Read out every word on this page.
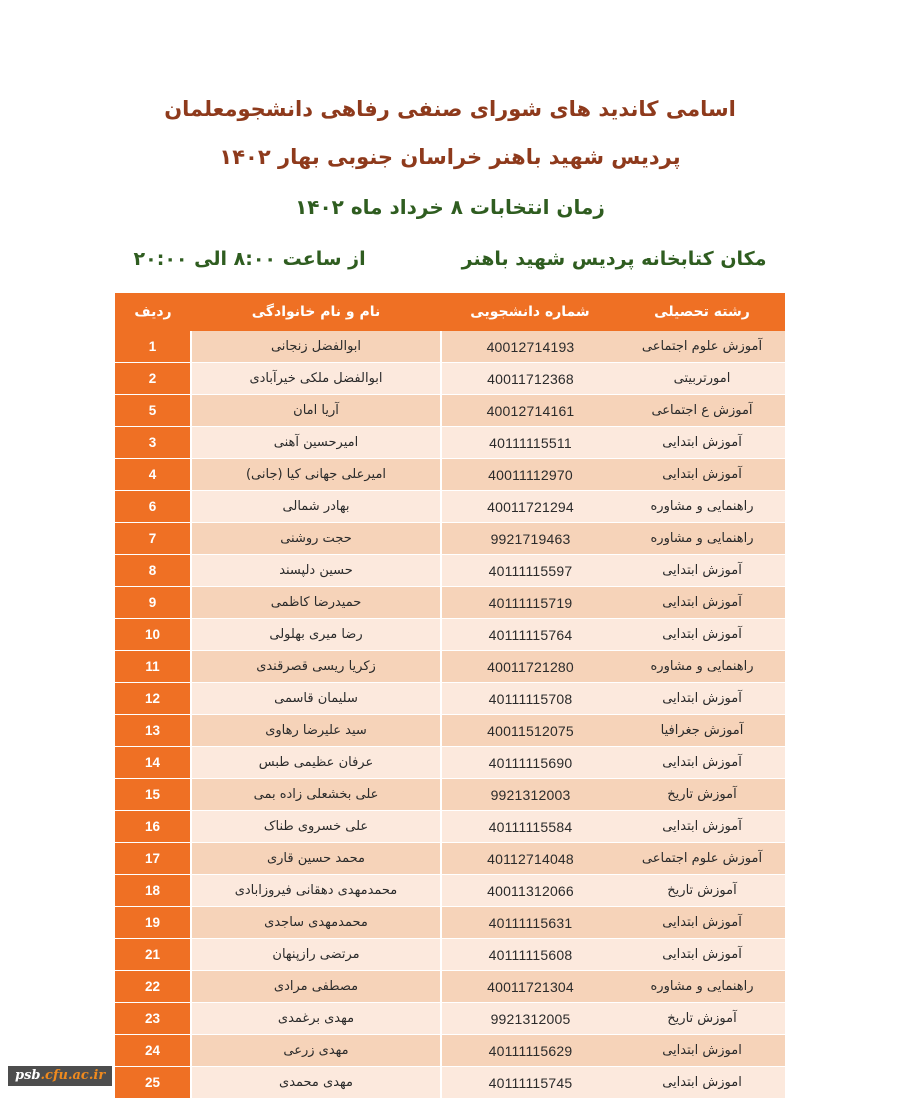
اسامی کاندید های شورای صنفی رفاهی دانشجومعلمان
پردیس شهید باهنر خراسان جنوبی بهار ۱۴۰۲
زمان انتخابات ۸ خرداد ماه ۱۴۰۲
مکان کتابخانه پردیس شهید باهنر
از ساعت ۸:۰۰ الی ۲۰:۰۰
رشته تحصیلی	شماره دانشجویی	نام و نام خانوادگی	ردیف
آموزش علوم اجتماعی	40012714193	ابوالفضل زنجانی	1
امورتربیتی	40011712368	ابوالفضل ملکی خیرآبادی	2
آموزش ع اجتماعی	40012714161	آریا امان	5
آموزش ابتدایی	40111115511	امیرحسین آهنی	3
آموزش ابتدایی	40011112970	امیرعلی جهانی کیا (جانی)	4
راهنمایی و مشاوره	40011721294	بهادر شمالی	6
راهنمایی و مشاوره	9921719463	حجت روشنی	7
آموزش ابتدایی	40111115597	حسین دلپسند	8
آموزش ابتدایی	40111115719	حمیدرضا کاظمی	9
آموزش ابتدایی	40111115764	رضا میری بهلولی	10
راهنمایی و مشاوره	40011721280	زکریا ریسی قصرقندی	11
آموزش ابتدایی	40111115708	سلیمان قاسمی	12
آموزش جغرافیا	40011512075	سید علیرضا رهاوی	13
آموزش ابتدایی	40111115690	عرفان عظیمی طبس	14
آموزش تاریخ	9921312003	علی بخشعلی زاده بمی	15
آموزش ابتدایی	40111115584	علی خسروی طناک	16
آموزش علوم اجتماعی	40112714048	محمد حسین قاری	17
آموزش تاریخ	40011312066	محمدمهدی دهقانی فیروزابادی	18
آموزش ابتدایی	40111115631	محمدمهدی ساجدی	19
آموزش ابتدایی	40111115608	مرتضی رازپنهان	21
راهنمایی و مشاوره	40011721304	مصطفی مرادی	22
آموزش تاریخ	9921312005	مهدی برغمدی	23
اموزش ابتدایی	40111115629	مهدی زرعی	24
اموزش ابتدایی	40111115745	مهدی محمدی	25
psb.cfu.ac.ir
